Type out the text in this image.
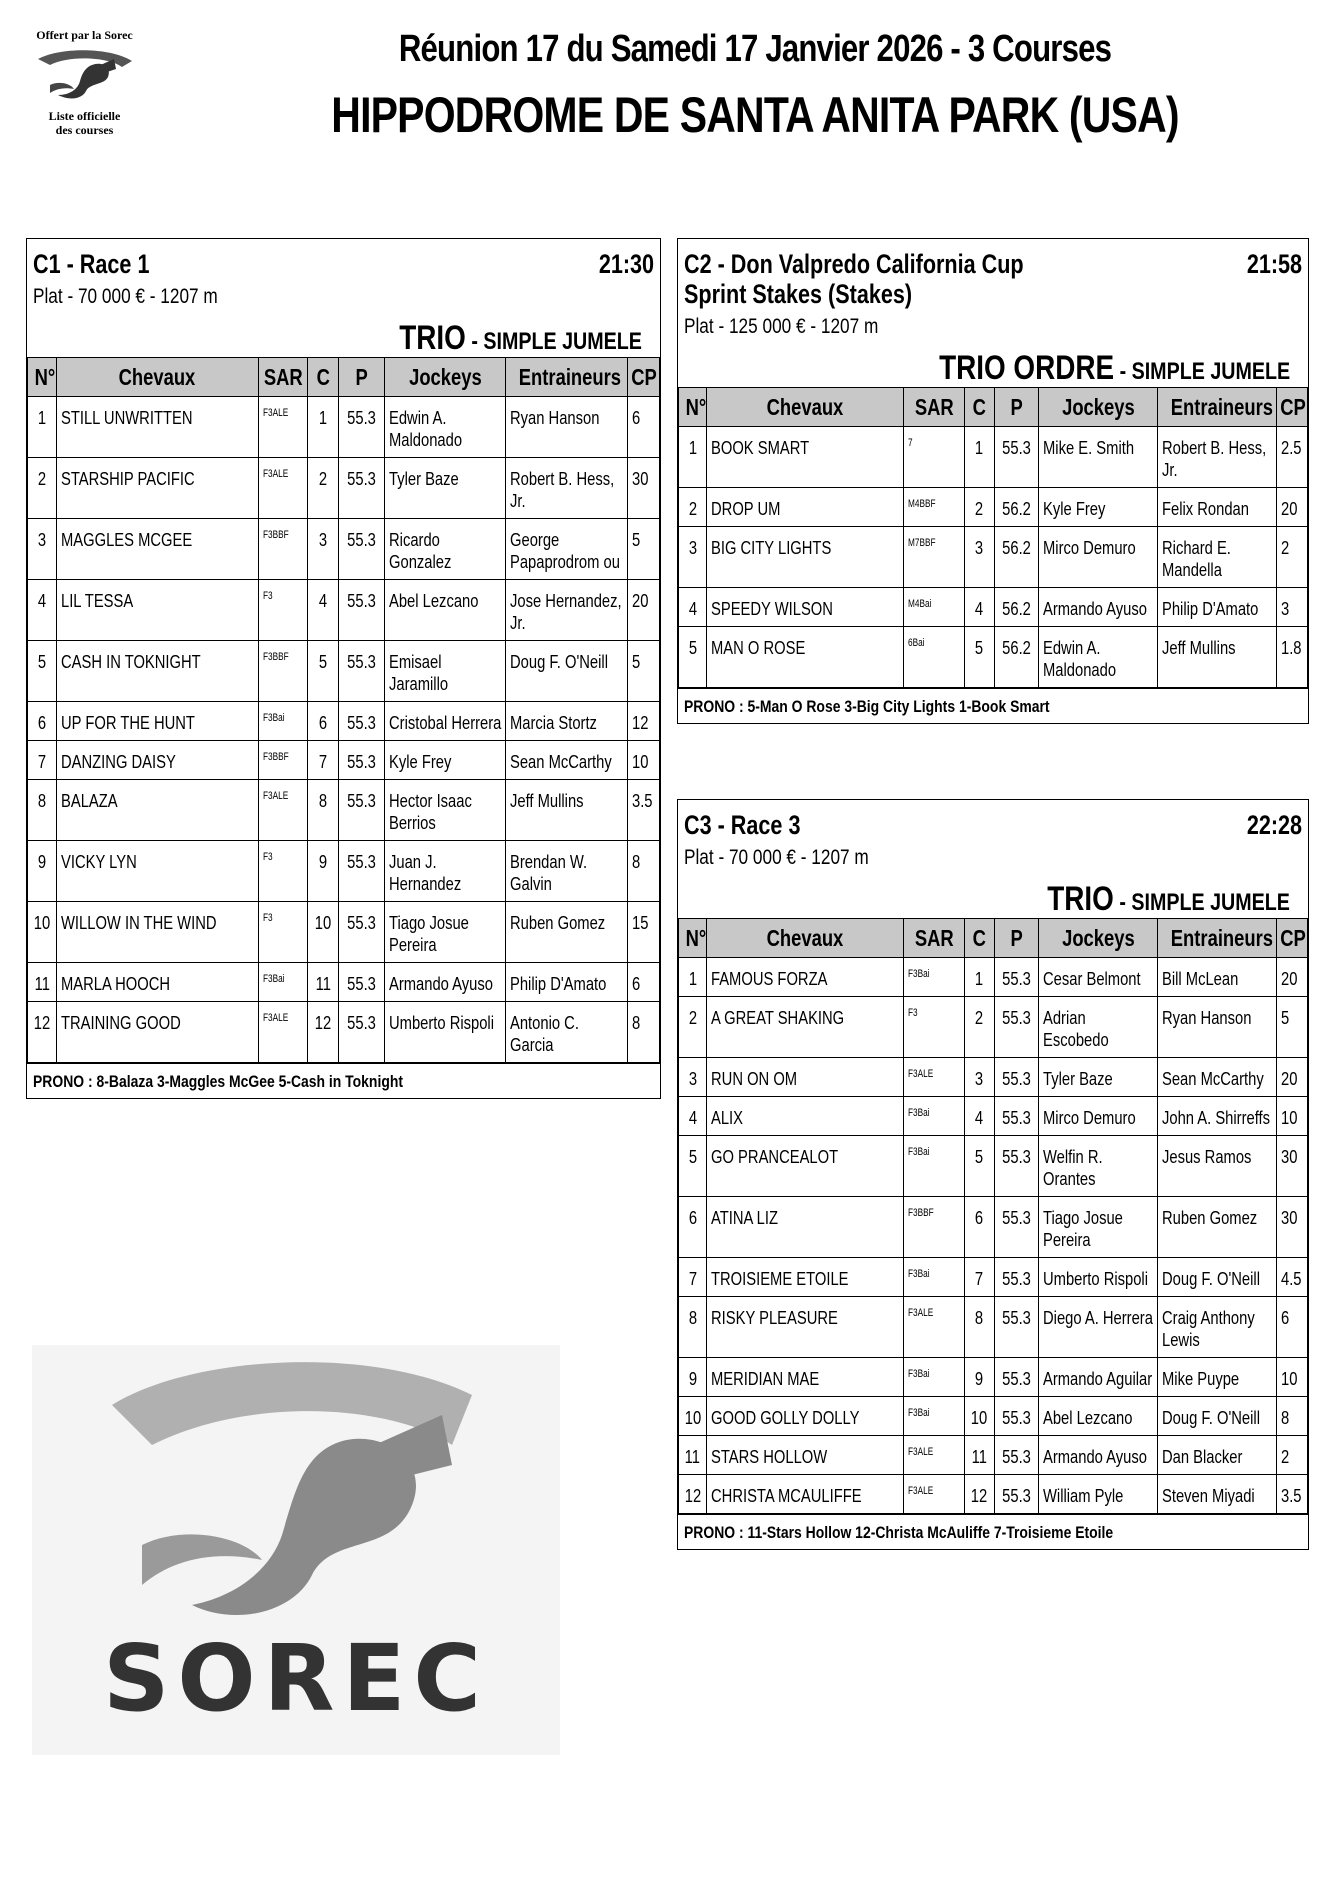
Offert par la Sorec
Liste officielle
des courses
Réunion 17 du Samedi 17 Janvier 2026 - 3 Courses
HIPPODROME DE SANTA ANITA PARK (USA)
C1 - Race 1	21:30
Plat - 70 000 € - 1207 m
TRIO - SIMPLE JUMELE
N°	Chevaux	SAR	C	P	Jockeys	Entraineurs	CP
1	STILL UNWRITTEN	F3ALE	1	55.3	Edwin A. Maldonado	Ryan Hanson	6
2	STARSHIP PACIFIC	F3ALE	2	55.3	Tyler Baze	Robert B. Hess, Jr.	30
3	MAGGLES MCGEE	F3BBF	3	55.3	Ricardo Gonzalez	George Papaprodrom ou	5
4	LIL TESSA	F3	4	55.3	Abel Lezcano	Jose Hernandez, Jr.	20
5	CASH IN TOKNIGHT	F3BBF	5	55.3	Emisael Jaramillo	Doug F. O'Neill	5
6	UP FOR THE HUNT	F3Bai	6	55.3	Cristobal Herrera	Marcia Stortz	12
7	DANZING DAISY	F3BBF	7	55.3	Kyle Frey	Sean McCarthy	10
8	BALAZA	F3ALE	8	55.3	Hector Isaac Berrios	Jeff Mullins	3.5
9	VICKY LYN	F3	9	55.3	Juan J. Hernandez	Brendan W. Galvin	8
10	WILLOW IN THE WIND	F3	10	55.3	Tiago Josue Pereira	Ruben Gomez	15
11	MARLA HOOCH	F3Bai	11	55.3	Armando Ayuso	Philip D'Amato	6
12	TRAINING GOOD	F3ALE	12	55.3	Umberto Rispoli	Antonio C. Garcia	8
PRONO : 8-Balaza 3-Maggles McGee 5-Cash in Toknight
C2 - Don Valpredo California Cup Sprint Stakes (Stakes)
21:58
Plat - 125 000 € - 1207 m
TRIO ORDRE - SIMPLE JUMELE
N°	Chevaux	SAR	C	P	Jockeys	Entraineurs	CP
1	BOOK SMART	7	1	55.3	Mike E. Smith	Robert B. Hess, Jr.	2.5
2	DROP UM	M4BBF	2	56.2	Kyle Frey	Felix Rondan	20
3	BIG CITY LIGHTS	M7BBF	3	56.2	Mirco Demuro	Richard E. Mandella	2
4	SPEEDY WILSON	M4Bai	4	56.2	Armando Ayuso	Philip D'Amato	3
5	MAN O ROSE	6Bai	5	56.2	Edwin A. Maldonado	Jeff Mullins	1.8
PRONO : 5-Man O Rose 3-Big City Lights 1-Book Smart
C3 - Race 3	22:28
Plat - 70 000 € - 1207 m
TRIO - SIMPLE JUMELE
N°	Chevaux	SAR	C	P	Jockeys	Entraineurs	CP
1	FAMOUS FORZA	F3Bai	1	55.3	Cesar Belmont	Bill McLean	20
2	A GREAT SHAKING	F3	2	55.3	Adrian Escobedo	Ryan Hanson	5
3	RUN ON OM	F3ALE	3	55.3	Tyler Baze	Sean McCarthy	20
4	ALIX	F3Bai	4	55.3	Mirco Demuro	John A. Shirreffs	10
5	GO PRANCEALOT	F3Bai	5	55.3	Welfin R. Orantes	Jesus Ramos	30
6	ATINA LIZ	F3BBF	6	55.3	Tiago Josue Pereira	Ruben Gomez	30
7	TROISIEME ETOILE	F3Bai	7	55.3	Umberto Rispoli	Doug F. O'Neill	4.5
8	RISKY PLEASURE	F3ALE	8	55.3	Diego A. Herrera	Craig Anthony Lewis	6
9	MERIDIAN MAE	F3Bai	9	55.3	Armando Aguilar	Mike Puype	10
10	GOOD GOLLY DOLLY	F3Bai	10	55.3	Abel Lezcano	Doug F. O'Neill	8
11	STARS HOLLOW	F3ALE	11	55.3	Armando Ayuso	Dan Blacker	2
12	CHRISTA MCAULIFFE	F3ALE	12	55.3	William Pyle	Steven Miyadi	3.5
PRONO : 11-Stars Hollow 12-Christa McAuliffe 7-Troisieme Etoile
SOREC
